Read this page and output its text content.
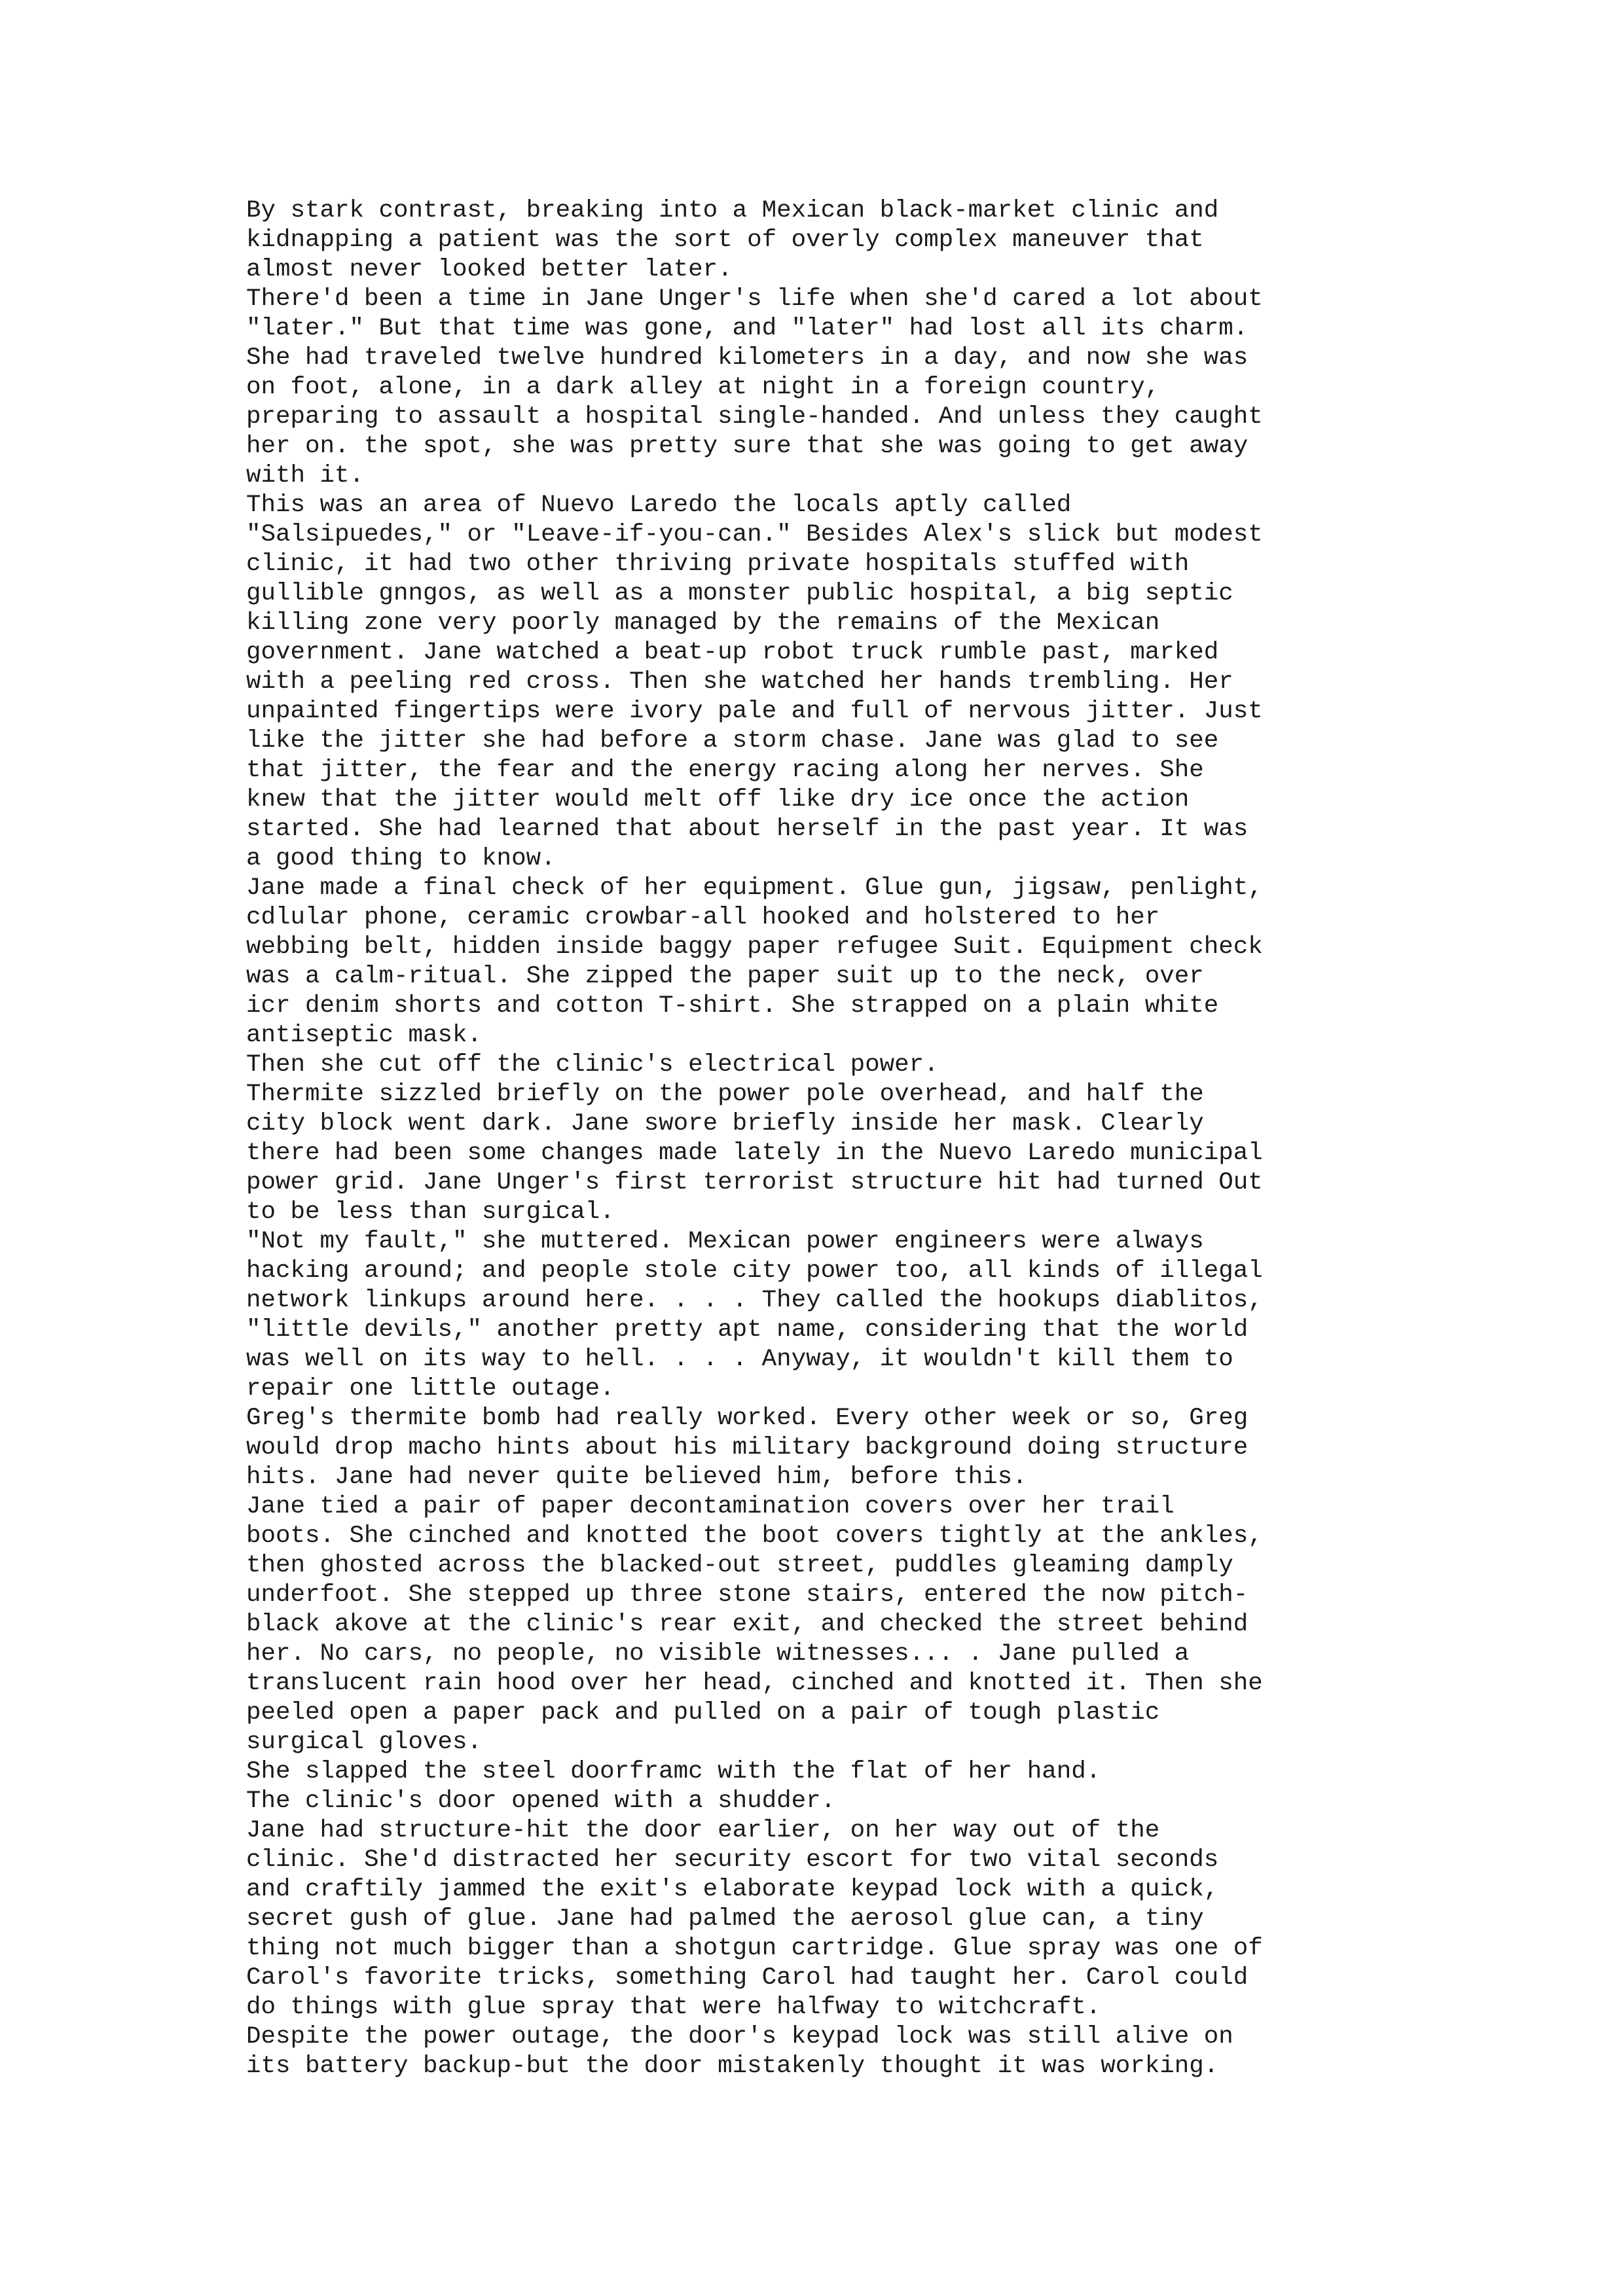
By stark contrast, breaking into a Mexican black-market clinic and
kidnapping a patient was the sort of overly complex maneuver that
almost never looked better later.
There'd been a time in Jane Unger's life when she'd cared a lot about
"later." But that time was gone, and "later" had lost all its charm.
She had traveled twelve hundred kilometers in a day, and now she was
on foot, alone, in a dark alley at night in a foreign country,
preparing to assault a hospital single-handed. And unless they caught
her on. the spot, she was pretty sure that she was going to get away
with it.
This was an area of Nuevo Laredo the locals aptly called
"Salsipuedes," or "Leave-if-you-can." Besides Alex's slick but modest
clinic, it had two other thriving private hospitals stuffed with
gullible gnngos, as well as a monster public hospital, a big septic
killing zone very poorly managed by the remains of the Mexican
government. Jane watched a beat-up robot truck rumble past, marked
with a peeling red cross. Then she watched her hands trembling. Her
unpainted fingertips were ivory pale and full of nervous jitter. Just
like the jitter she had before a storm chase. Jane was glad to see
that jitter, the fear and the energy racing along her nerves. She
knew that the jitter would melt off like dry ice once the action
started. She had learned that about herself in the past year. It was
a good thing to know.
Jane made a final check of her equipment. Glue gun, jigsaw, penlight,
cdlular phone, ceramic crowbar-all hooked and holstered to her
webbing belt, hidden inside baggy paper refugee Suit. Equipment check
was a calm-ritual. She zipped the paper suit up to the neck, over
icr denim shorts and cotton T-shirt. She strapped on a plain white
antiseptic mask.
Then she cut off the clinic's electrical power.
Thermite sizzled briefly on the power pole overhead, and half the
city block went dark. Jane swore briefly inside her mask. Clearly
there had been some changes made lately in the Nuevo Laredo municipal
power grid. Jane Unger's first terrorist structure hit had turned Out
to be less than surgical.
"Not my fault," she muttered. Mexican power engineers were always
hacking around; and people stole city power too, all kinds of illegal
network linkups around here. . . . They called the hookups diablitos,
"little devils," another pretty apt name, considering that the world
was well on its way to hell. . . . Anyway, it wouldn't kill them to
repair one little outage.
Greg's thermite bomb had really worked. Every other week or so, Greg
would drop macho hints about his military background doing structure
hits. Jane had never quite believed him, before this.
Jane tied a pair of paper decontamination covers over her trail
boots. She cinched and knotted the boot covers tightly at the ankles,
then ghosted across the blacked-out street, puddles gleaming damply
underfoot. She stepped up three stone stairs, entered the now pitch-
black akove at the clinic's rear exit, and checked the street behind
her. No cars, no people, no visible witnesses... . Jane pulled a
translucent rain hood over her head, cinched and knotted it. Then she
peeled open a paper pack and pulled on a pair of tough plastic
surgical gloves.
She slapped the steel doorframc with the flat of her hand.
The clinic's door opened with a shudder.
Jane had structure-hit the door earlier, on her way out of the
clinic. She'd distracted her security escort for two vital seconds
and craftily jammed the exit's elaborate keypad lock with a quick,
secret gush of glue. Jane had palmed the aerosol glue can, a tiny
thing not much bigger than a shotgun cartridge. Glue spray was one of
Carol's favorite tricks, something Carol had taught her. Carol could
do things with glue spray that were halfway to witchcraft.
Despite the power outage, the door's keypad lock was still alive on
its battery backup-but the door mistakenly thought it was working.
